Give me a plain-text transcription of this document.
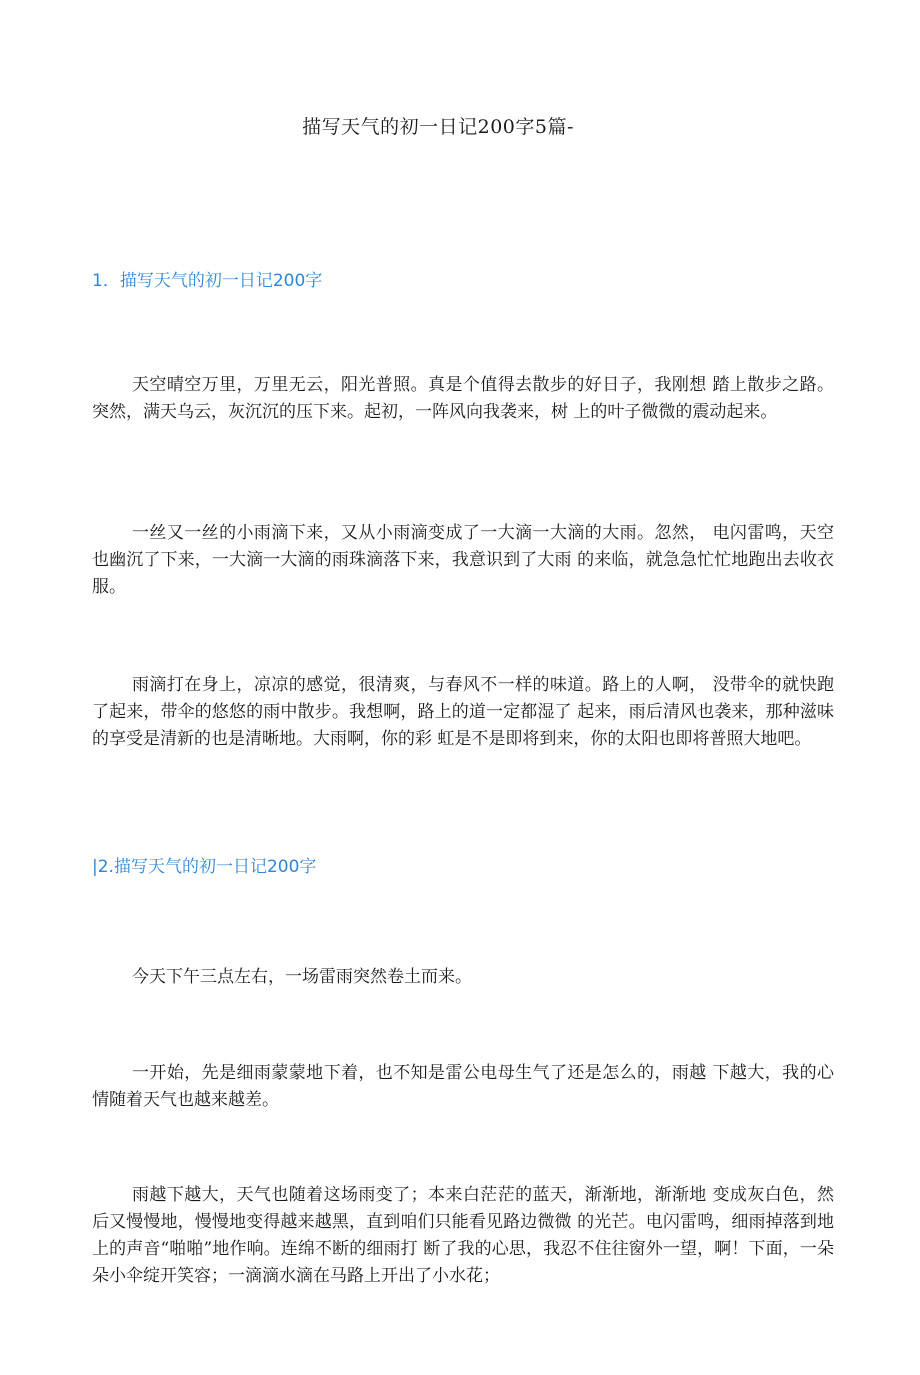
描写天气的初一日记200字5篇-
1．描写天气的初一日记200字
天空晴空万里，万里无云，阳光普照。真是个值得去散步的好日子，我刚想 踏上散步之路。突然，满天乌云，灰沉沉的压下来。起初，一阵风向我袭来，树 上的叶子微微的震动起来。
一丝又一丝的小雨滴下来，又从小雨滴变成了一大滴一大滴的大雨。忽然， 电闪雷鸣，天空也幽沉了下来，一大滴一大滴的雨珠滴落下来，我意识到了大雨 的来临，就急急忙忙地跑出去收衣服。
雨滴打在身上，凉凉的感觉，很清爽，与春风不一样的味道。路上的人啊， 没带伞的就快跑了起来，带伞的悠悠的雨中散步。我想啊，路上的道一定都湿了 起来，雨后清风也袭来，那种滋味的享受是清新的也是清晰地。大雨啊，你的彩 虹是不是即将到来，你的太阳也即将普照大地吧。
|2.描写天气的初一日记200字
今天下午三点左右，一场雷雨突然卷土而来。
一开始，先是细雨蒙蒙地下着，也不知是雷公电母生气了还是怎么的，雨越 下越大，我的心情随着天气也越来越差。
雨越下越大，天气也随着这场雨变了；本来白茫茫的蓝天，渐渐地，渐渐地 变成灰白色，然后又慢慢地，慢慢地变得越来越黑，直到咱们只能看见路边微微 的光芒。电闪雷鸣，细雨掉落到地上的声音“啪啪”地作响。连绵不断的细雨打 断了我的心思，我忍不住往窗外一望，啊！下面，一朵朵小伞绽开笑容；一滴滴水滴在马路上开出了小水花；
